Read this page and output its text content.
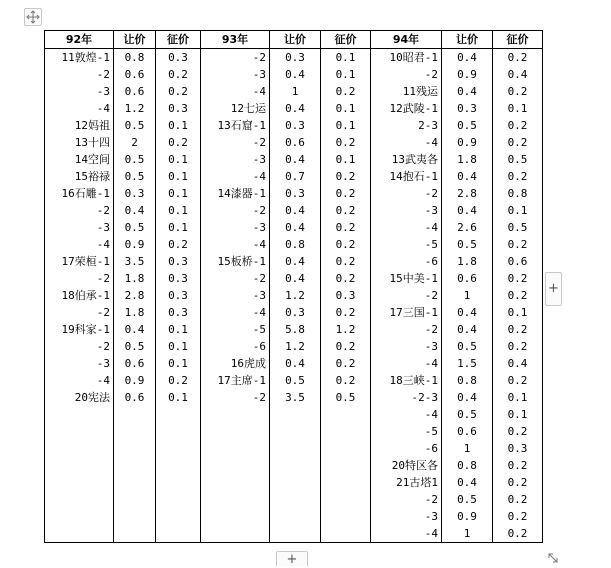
92年	让价	征价	93年	让价	征价	94年	让价	征价
11敦煌-1	0.8	0.3	-2	0.3	0.1	10昭君-1	0.4	0.2
-2	0.6	0.2	-3	0.4	0.1	-2	0.9	0.4
-3	0.6	0.2	-4	1	0.2	11残运	0.4	0.2
-4	1.2	0.3	12七运	0.4	0.1	12武陵-1	0.3	0.1
12妈祖	0.5	0.1	13石窟-1	0.3	0.1	2-3	0.5	0.2
13十四	2	0.2	-2	0.6	0.2	-4	0.9	0.2
14空间	0.5	0.1	-3	0.4	0.1	13武夷各	1.8	0.5
15裕禄	0.5	0.1	-4	0.7	0.2	14抱石-1	0.4	0.2
16石雕-1	0.3	0.1	14漆器-1	0.3	0.2	-2	2.8	0.8
-2	0.4	0.1	-2	0.4	0.2	-3	0.4	0.1
-3	0.5	0.1	-3	0.4	0.2	-4	2.6	0.5
-4	0.9	0.2	-4	0.8	0.2	-5	0.5	0.2
17荣桓-1	3.5	0.3	15板桥-1	0.4	0.2	-6	1.8	0.6
-2	1.8	0.3	-2	0.4	0.2	15中美-1	0.6	0.2
18伯承-1	2.8	0.3	-3	1.2	0.3	-2	1	0.2
-2	1.8	0.3	-4	0.3	0.2	17三国-1	0.4	0.1
19科家-1	0.4	0.1	-5	5.8	1.2	-2	0.4	0.2
-2	0.5	0.1	-6	1.2	0.2	-3	0.5	0.2
-3	0.6	0.1	16虎成	0.4	0.2	-4	1.5	0.4
-4	0.9	0.2	17主席-1	0.5	0.2	18三峡-1	0.8	0.2
20宪法	0.6	0.1	-2	3.5	0.5	-2-3	0.4	0.1
						-4	0.5	0.1
						-5	0.6	0.2
						-6	1	0.3
						20特区各	0.8	0.2
						21古塔1	0.4	0.2
						-2	0.5	0.2
						-3	0.9	0.2
						-4	1	0.2
+
+
